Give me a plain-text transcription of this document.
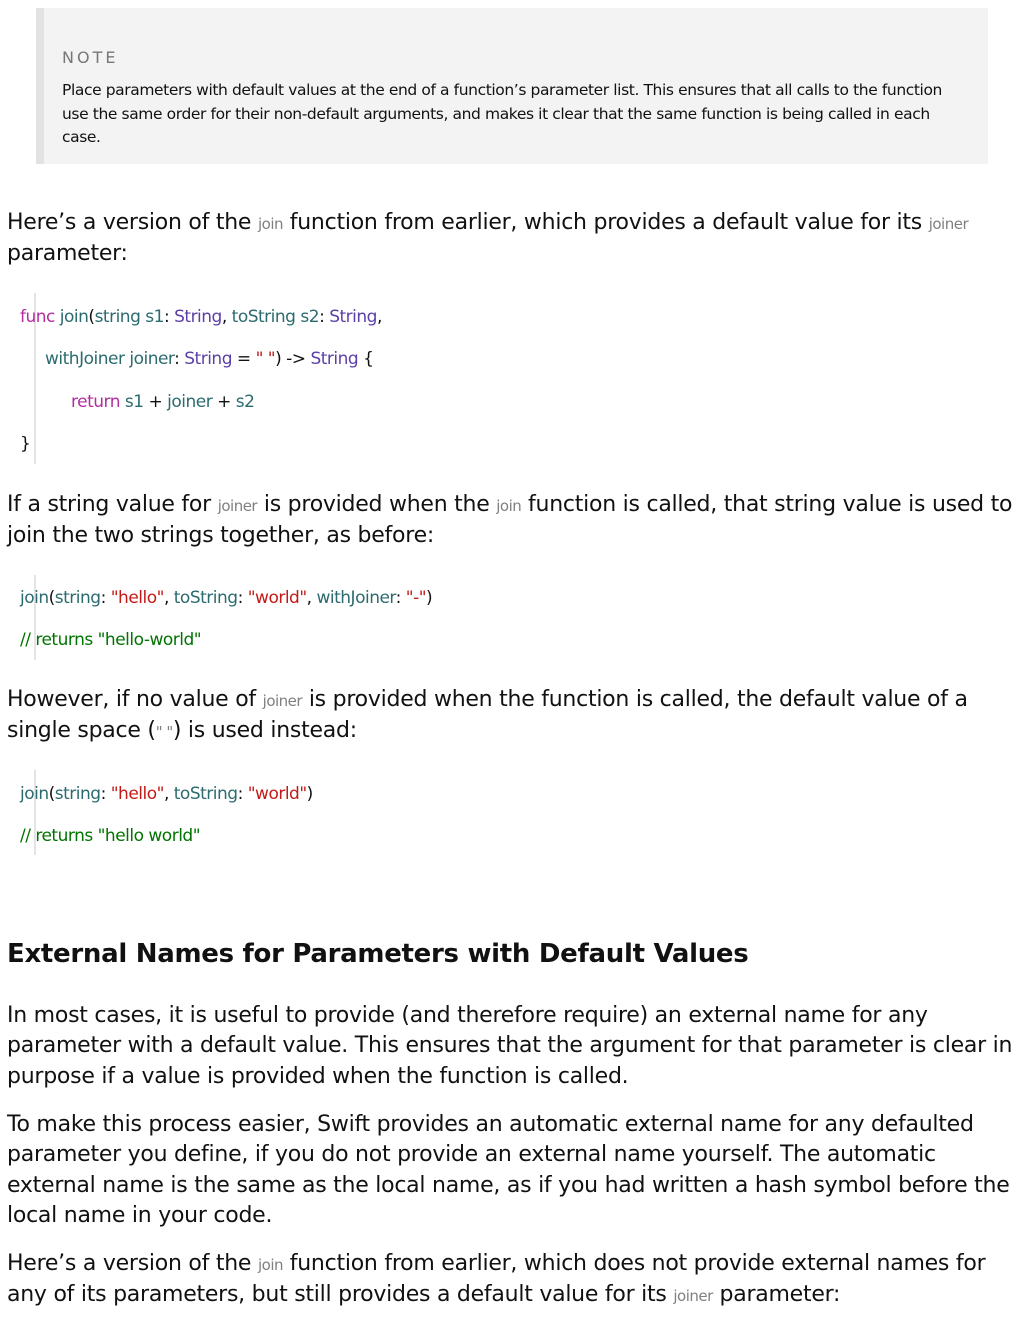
NOTE
Place parameters with default values at the end of a function’s parameter list. This ensures that all calls to the function use the same order for their non-default arguments, and makes it clear that the same function is being called in each case.

Here’s a version of the join function from earlier, which provides a default value for its joiner parameter:

func join(string s1: String, toString s2: String,
withJoiner joiner: String = " ") -> String {
return s1 + joiner + s2
}

If a string value for joiner is provided when the join function is called, that string value is used to join the two strings together, as before:

join(string: "hello", toString: "world", withJoiner: "-")
// returns "hello-world"

However, if no value of joiner is provided when the function is called, the default value of a single space (" ") is used instead:

join(string: "hello", toString: "world")
// returns "hello world"
External Names for Parameters with Default Values

In most cases, it is useful to provide (and therefore require) an external name for any parameter with a default value. This ensures that the argument for that parameter is clear in purpose if a value is provided when the function is called.

To make this process easier, Swift provides an automatic external name for any defaulted parameter you define, if you do not provide an external name yourself. The automatic external name is the same as the local name, as if you had written a hash symbol before the local name in your code.

Here’s a version of the join function from earlier, which does not provide external names for any of its parameters, but still provides a default value for its joiner parameter:
